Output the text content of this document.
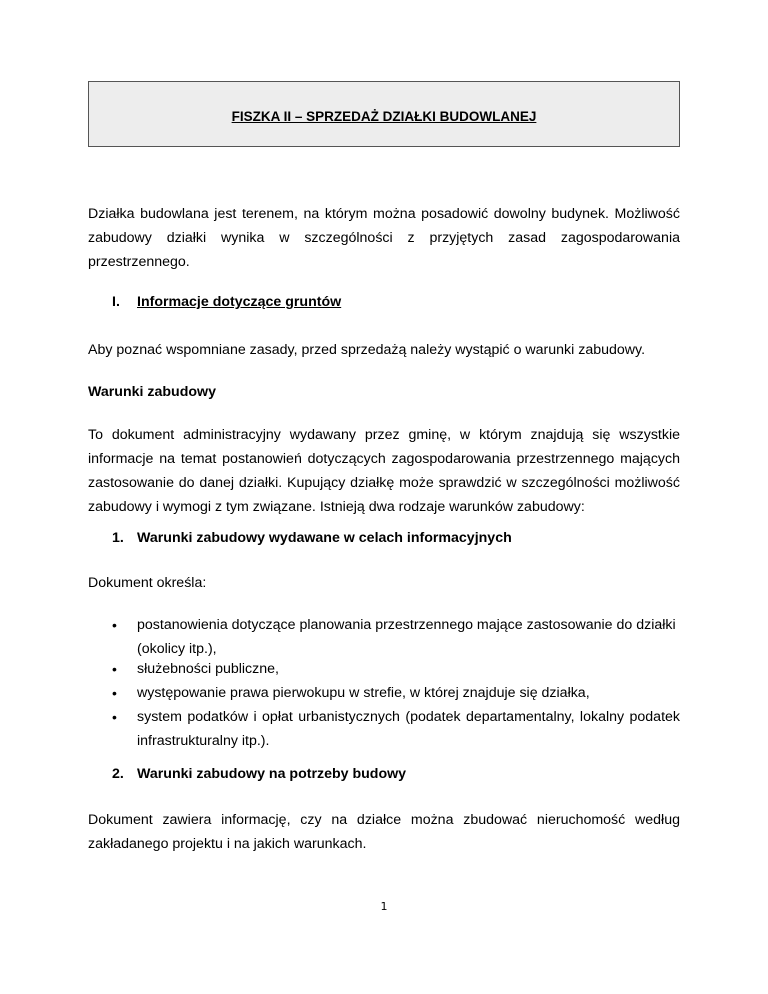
FISZKA II – SPRZEDAŻ DZIAŁKI BUDOWLANEJ
Działka budowlana jest terenem, na którym można posadowić dowolny budynek. Możliwość
zabudowy działki wynika w szczególności z przyjętych zasad zagospodarowania
przestrzennego.
I. Informacje dotyczące gruntów

Aby poznać wspomniane zasady, przed sprzedażą należy wystąpić o warunki zabudowy.

Warunki zabudowy

To dokument administracyjny wydawany przez gminę, w którym znajdują się wszystkie
informacje na temat postanowień dotyczących zagospodarowania przestrzennego mających
zastosowanie do danej działki. Kupujący działkę może sprawdzić w szczególności możliwość
zabudowy i wymogi z tym związane. Istnieją dwa rodzaje warunków zabudowy:
1. Warunki zabudowy wydawane w celach informacyjnych

Dokument określa:

• postanowienia dotyczące planowania przestrzennego mające zastosowanie do działki
(okolicy itp.),
• służebności publiczne,
• występowanie prawa pierwokupu w strefie, w której znajduje się działka,
• system podatków i opłat urbanistycznych (podatek departamentalny, lokalny podatek
infrastrukturalny itp.).
2. Warunki zabudowy na potrzeby budowy
Dokument zawiera informację, czy na działce można zbudować nieruchomość według
zakładanego projektu i na jakich warunkach.
1
